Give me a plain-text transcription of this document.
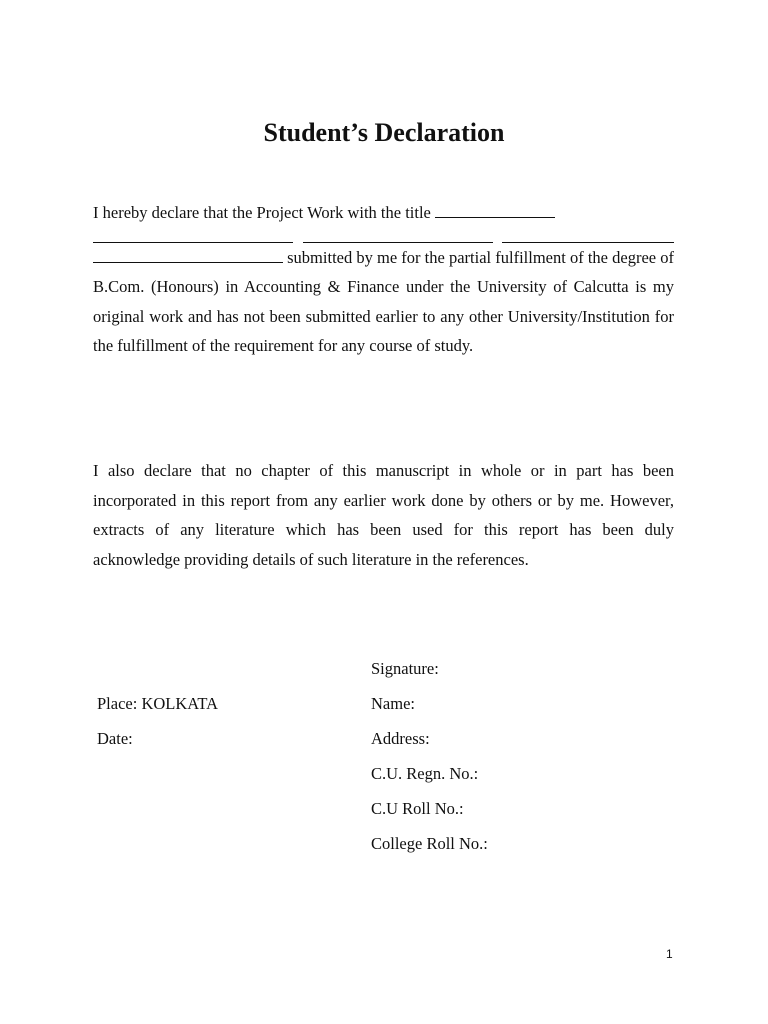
Student’s Declaration
I hereby declare that the Project Work with the title
submitted by me for the partial fulfillment of the degree of B.Com. (Honours) in Accounting & Finance under the University of Calcutta is my original work and has not been submitted earlier to any other University/Institution for the fulfillment of the requirement for any course of study.

I also declare that no chapter of this manuscript in whole or in part has been incorporated in this report from any earlier work done by others or by me. However, extracts of any literature which has been used for this report has been duly acknowledge providing details of such literature in the references.

Signature:
Place: KOLKATA	Name:
Date:	Address:
C.U. Regn. No.:
C.U Roll No.:
College Roll No.:
1
